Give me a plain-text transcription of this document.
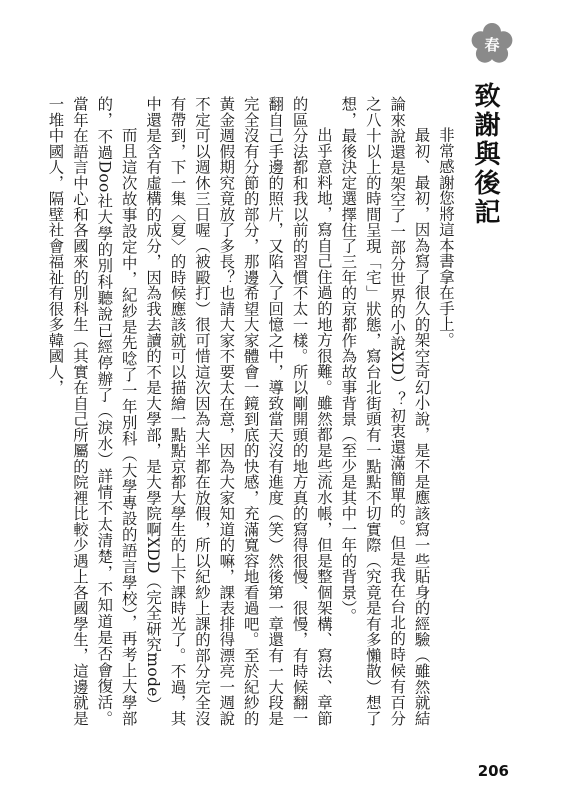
春
致謝與後記

非常感謝您將這本書拿在手上。

最初、最初，因為寫了很久的架空奇幻小說，是不是應該寫一些貼身的經驗（雖然就結論來說還是架空了一部分世界的小說XD）？初衷還滿簡單的。但是我在台北的時候有百分之八十以上的時間呈現「宅」狀態，寫台北街頭有一點點不切實際（究竟是有多懶散）想了想，最後決定選擇住了三年的京都作為故事背景（至少是其中一年的背景）。

出乎意料地，寫自己住過的地方很難。雖然都是些流水帳，但是整個架構、寫法、章節的區分法都和我以前的習慣不太一樣。所以剛開頭的地方真的寫得很慢、很慢，有時候翻一翻自己手邊的照片，又陷入了回憶之中，導致當天沒有進度（笑）然後第一章還有一大段是完全沒有分節的部分，那邊希望大家體會一鏡到底的快感，充滿寬容地看過吧。至於紀紗的黃金週假期究竟放了多長？也請大家不要太在意，因為大家知道的嘛，課表排得漂亮一週說不定可以週休三日喔（被毆打）很可惜這次因為大半都在放假，所以紀紗上課的部分完全沒有帶到，下一集〈夏〉的時候應該就可以描繪一點點京都大學生的上下課時光了。不過，其中還是含有虛構的成分，因為我去讀的不是大學部，是大學院啊XDD（完全研究mode）

而且這次故事設定中，紀紗是先唸了一年別科（大學專設的語言學校），再考上大學部的，不過Doo社大學的別科聽說已經停辦了（淚水）詳情不太清楚，不知道是否會復活。當年在語言中心和各國來的別科生（其實在自己所屬的院裡比較少遇上各國學生，這邊就是一堆中國人，隔壁社會福祉有很多韓國人，

206
